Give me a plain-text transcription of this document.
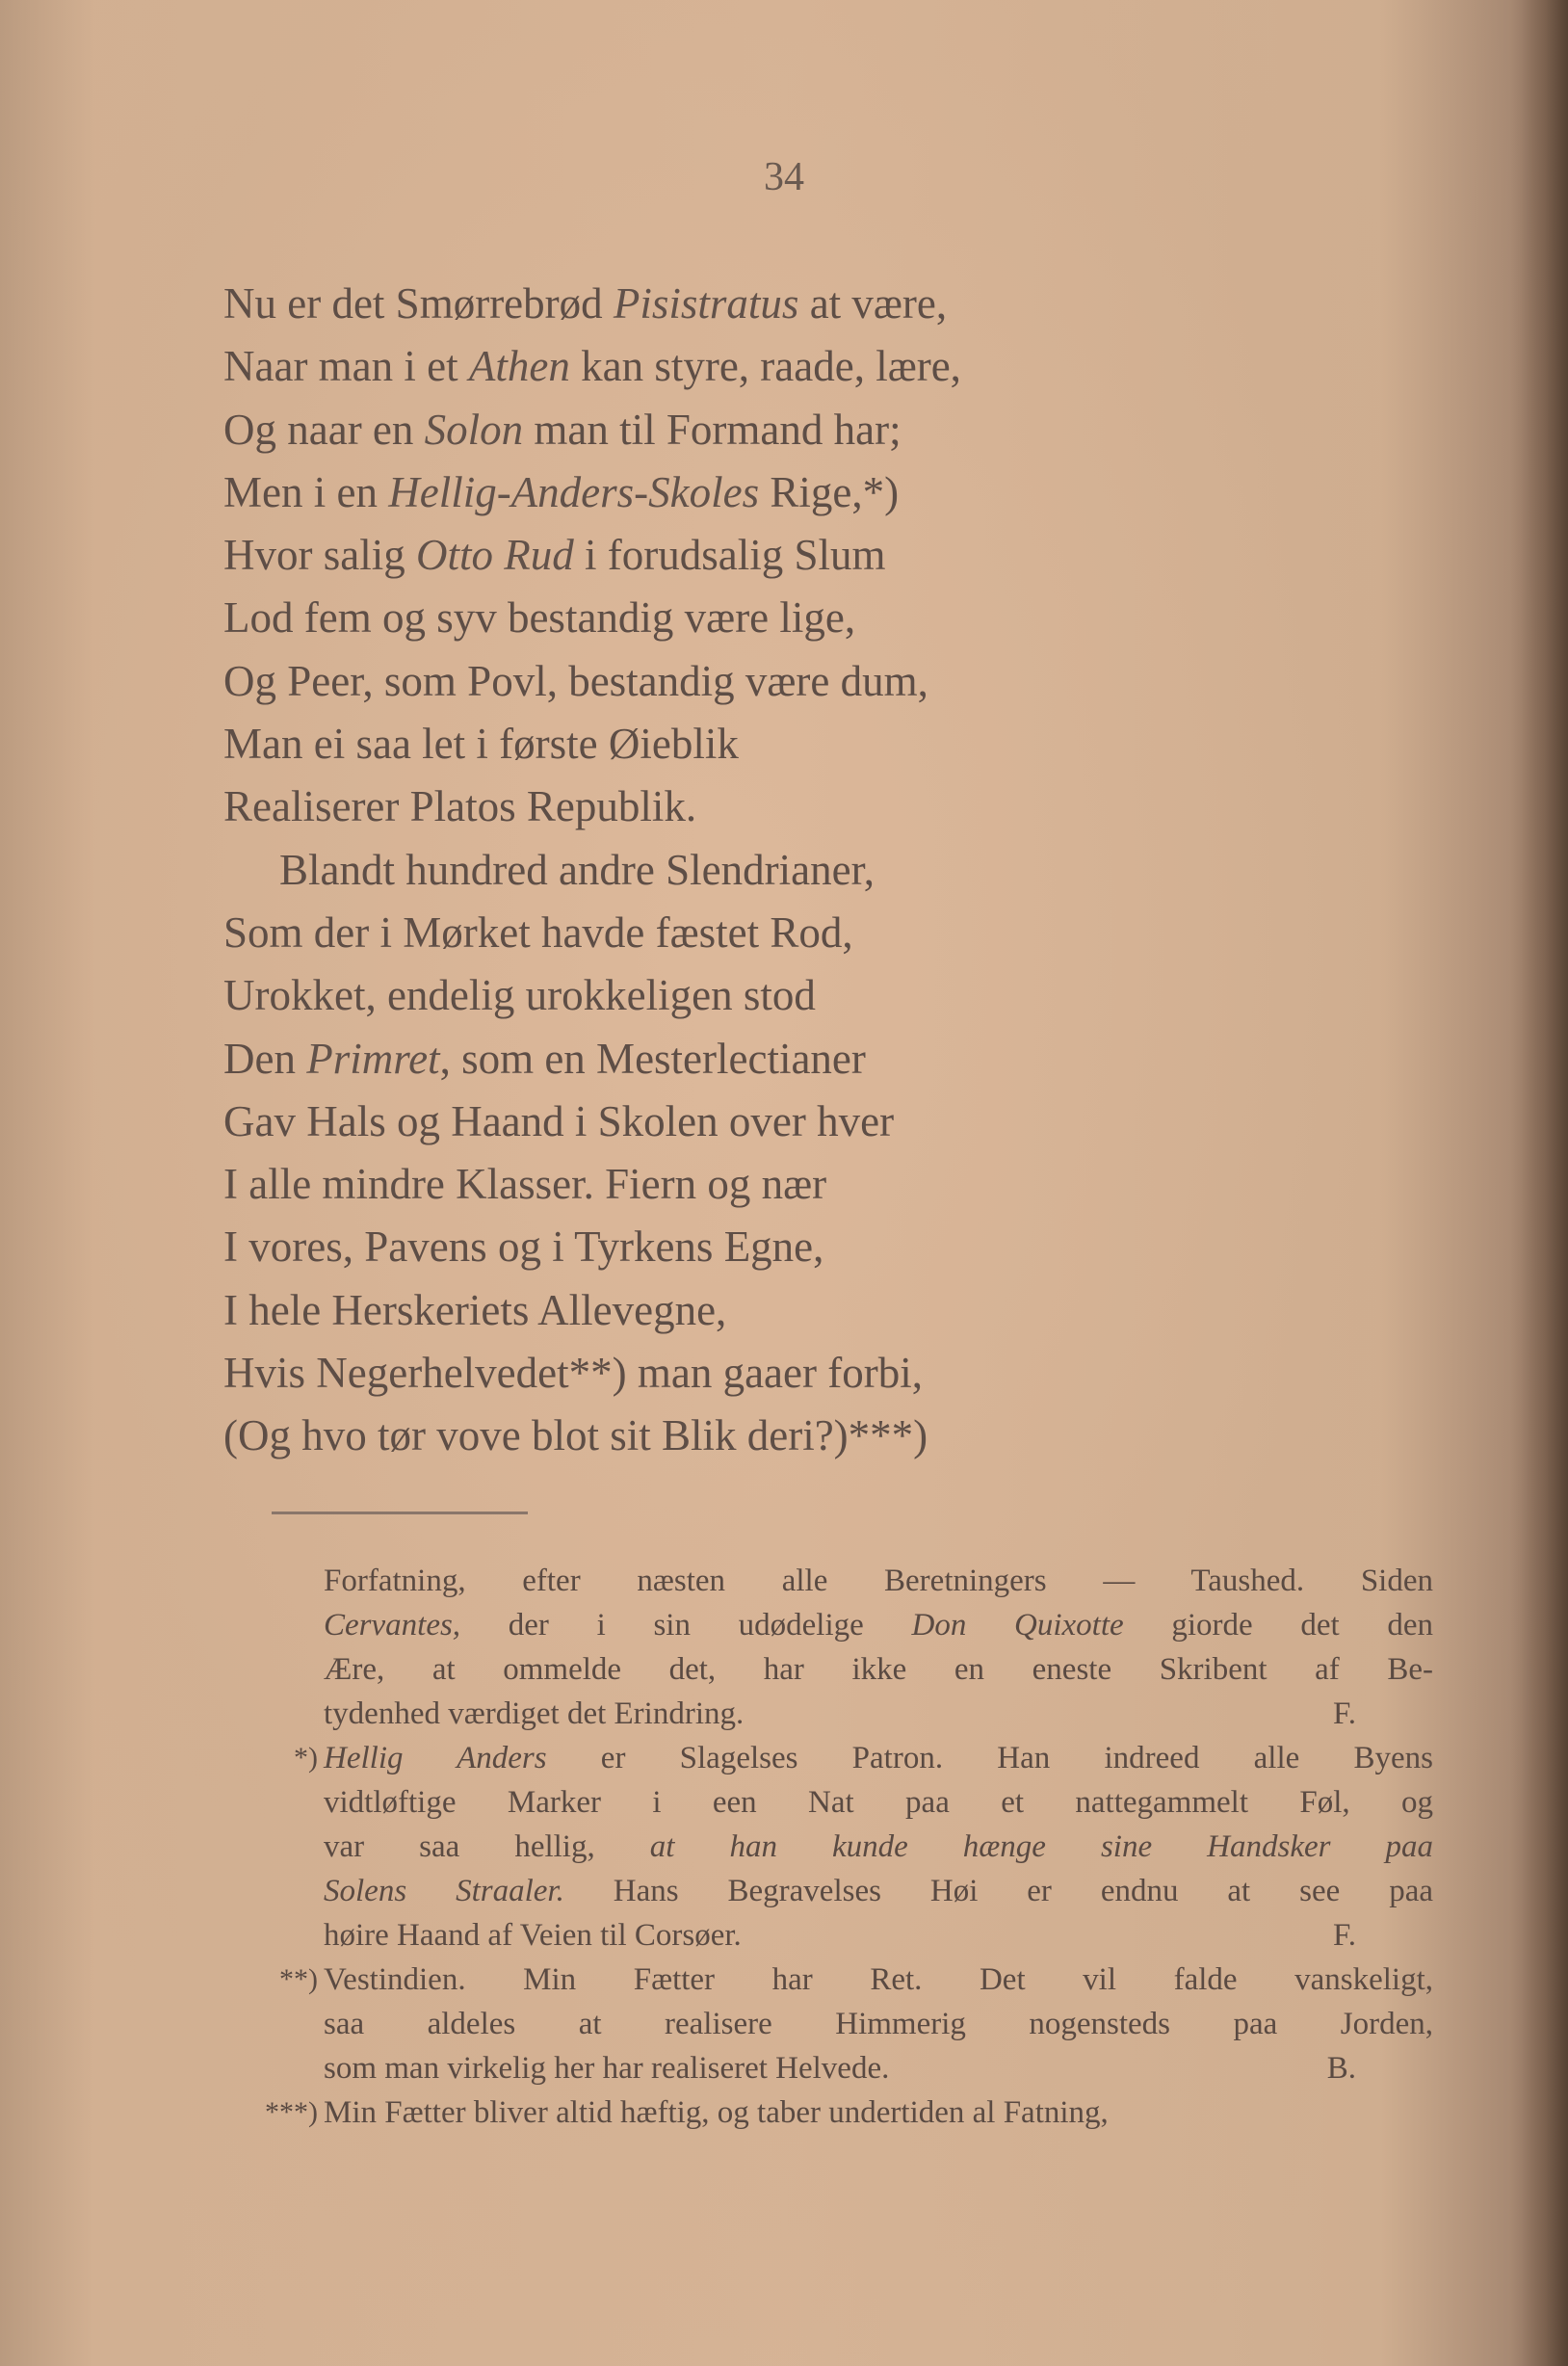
34
Nu er det Smørrebrød Pisistratus at være,
Naar man i et Athen kan styre, raade, lære,
Og naar en Solon man til Formand har;
Men i en Hellig-Anders-Skoles Rige,*)
Hvor salig Otto Rud i forudsalig Slum
Lod fem og syv bestandig være lige,
Og Peer, som Povl, bestandig være dum,
Man ei saa let i første Øieblik
Realiserer Platos Republik.
Blandt hundred andre Slendrianer,
Som der i Mørket havde fæstet Rod,
Urokket, endelig urokkeligen stod
Den Primret, som en Mesterlectianer
Gav Hals og Haand i Skolen over hver
I alle mindre Klasser. Fiern og nær
I vores, Pavens og i Tyrkens Egne,
I hele Herskeriets Allevegne,
Hvis Negerhelvedet**) man gaaer forbi,
(Og hvo tør vove blot sit Blik deri?)***)
Forfatning, efter næsten alle Beretningers — Taushed. Siden
Cervantes, der i sin udødelige Don Quixotte giorde det den
Ære, at ommelde det, har ikke en eneste Skribent af Be-
tydenhed værdiget det Erindring.	F.
*) Hellig Anders er Slagelses Patron. Han indreed alle Byens
vidtløftige Marker i een Nat paa et nattegammelt Føl, og
var saa hellig, at han kunde hænge sine Handsker paa
Solens Straaler. Hans Begravelses Høi er endnu at see paa
høire Haand af Veien til Corsøer.	F.
**) Vestindien. Min Fætter har Ret. Det vil falde vanskeligt,
saa aldeles at realisere Himmerig nogensteds paa Jorden,
som man virkelig her har realiseret Helvede.	B.
***) Min Fætter bliver altid hæftig, og taber undertiden al Fatning,
